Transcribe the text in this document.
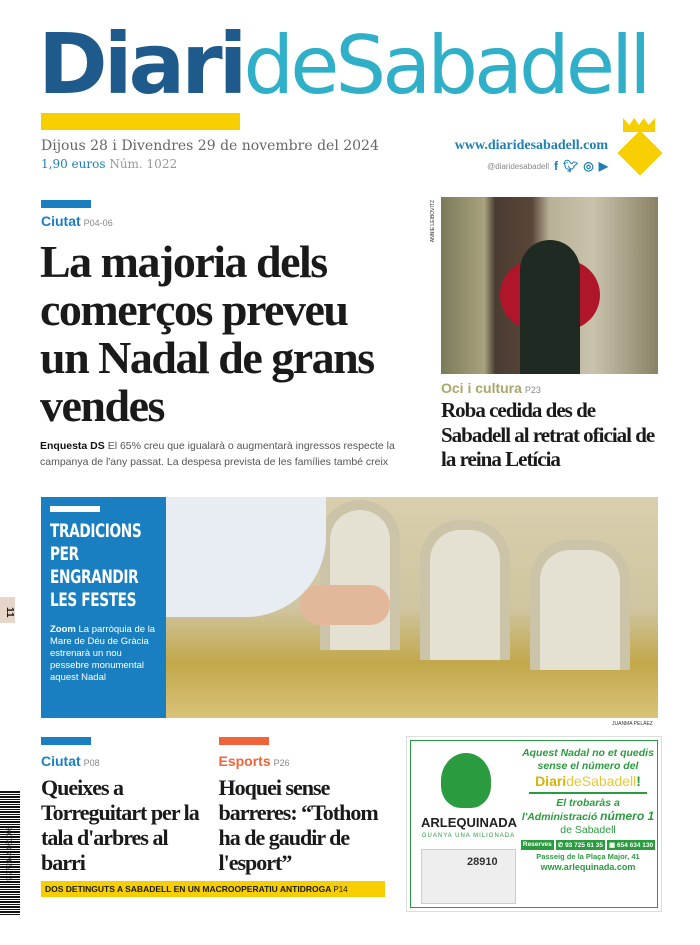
DiarideSabadell
Dijous 28 i Divendres 29 de novembre del 2024
1,90 euros Núm. 1022
www.diaridesabadell.com
@diaridesabadell f 🐦︎ ◎ ▶
Ciutat P04-06
La majoria dels comerços preveu un Nadal de grans vendes

Enquesta DS El 65% creu que igualarà o augmentarà ingressos respecte la campanya de l'any passat. La despesa prevista de les famílies també creix

ANNIE LEIBOVITZ
Oci i cultura P23
Roba cedida des de Sabadell al retrat oficial de la reina Letícia
TRADICIONS PER ENGRANDIR LES FESTES
Zoom La parròquia de la Mare de Déu de Gràcia estrenarà un nou pessebre monumental aquest Nadal
JUANMA PELÁEZ
Ciutat P08
Queixes a Torreguitart per la tala d'arbres al barri
Esports P26
Hoquei sense barreres: “Tothom ha de gaudir de l'esport”
DOS DETINGUTS A SABADELL EN UN MACROOPERATIU ANTIDROGA P14
ARLEQUINADA
GUANYA UNA MILIONADA
28910
Aquest Nadal no et quedis sense el número del
DiarideSabadell!
El trobaràs a l'Administració número 1 de Sabadell
Reserves ✆ 93 725 61 35 ▣ 654 634 130
Passeig de la Plaça Major, 41
www.arlequinada.com
11
9 772444 061008
